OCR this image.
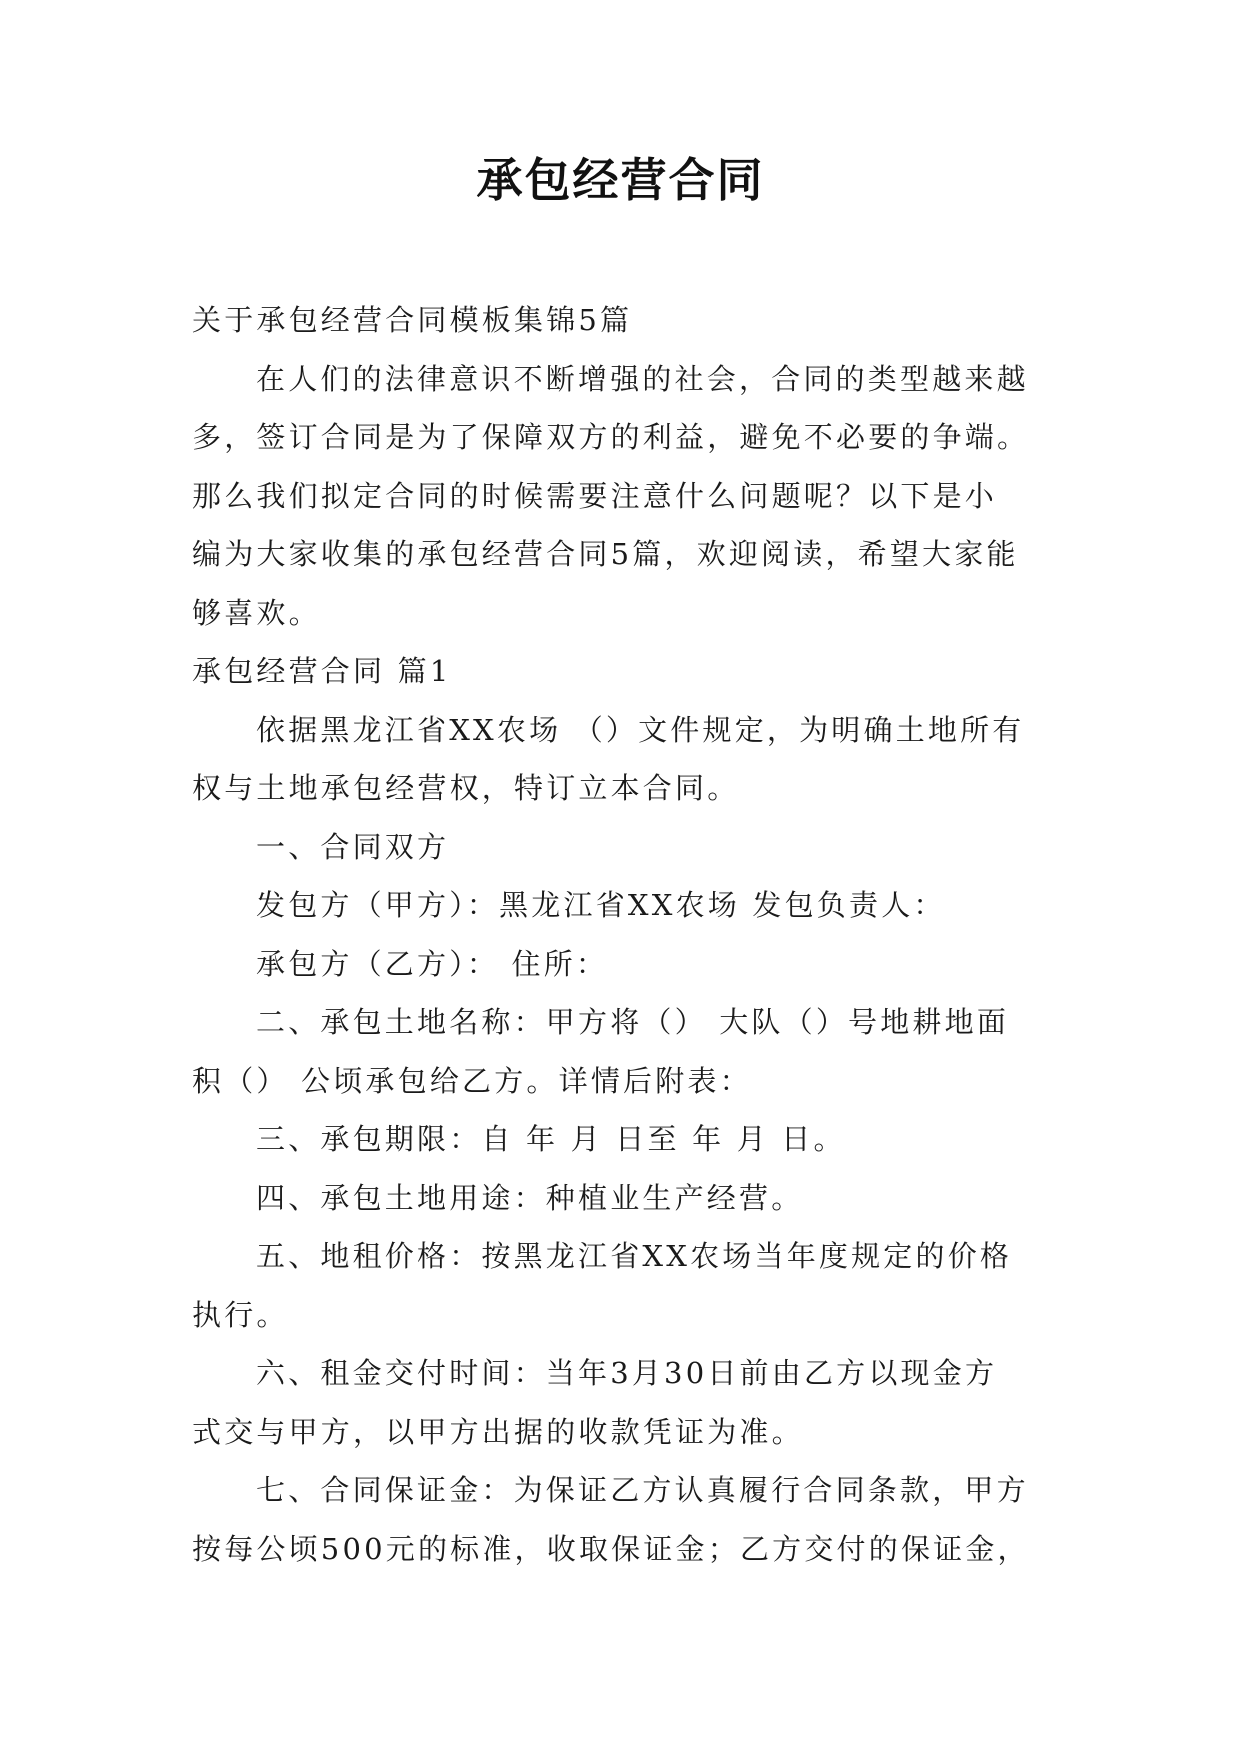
承包经营合同
关于承包经营合同模板集锦5篇
在人们的法律意识不断增强的社会，合同的类型越来越
多，签订合同是为了保障双方的利益，避免不必要的争端。
那么我们拟定合同的时候需要注意什么问题呢？以下是小
编为大家收集的承包经营合同5篇，欢迎阅读，希望大家能
够喜欢。
承包经营合同 篇1
依据黑龙江省XX农场 （）文件规定，为明确土地所有
权与土地承包经营权，特订立本合同。
一、合同双方
发包方（甲方）：黑龙江省XX农场 发包负责人：
承包方（乙方）： 住所：
二、承包土地名称：甲方将（） 大队（）号地耕地面
积（） 公顷承包给乙方。详情后附表：
三、承包期限：自 年 月 日至 年 月 日。
四、承包土地用途：种植业生产经营。
五、地租价格：按黑龙江省XX农场当年度规定的价格
执行。
六、租金交付时间：当年3月30日前由乙方以现金方
式交与甲方，以甲方出据的收款凭证为准。
七、合同保证金：为保证乙方认真履行合同条款，甲方
按每公顷500元的标准，收取保证金；乙方交付的保证金，
